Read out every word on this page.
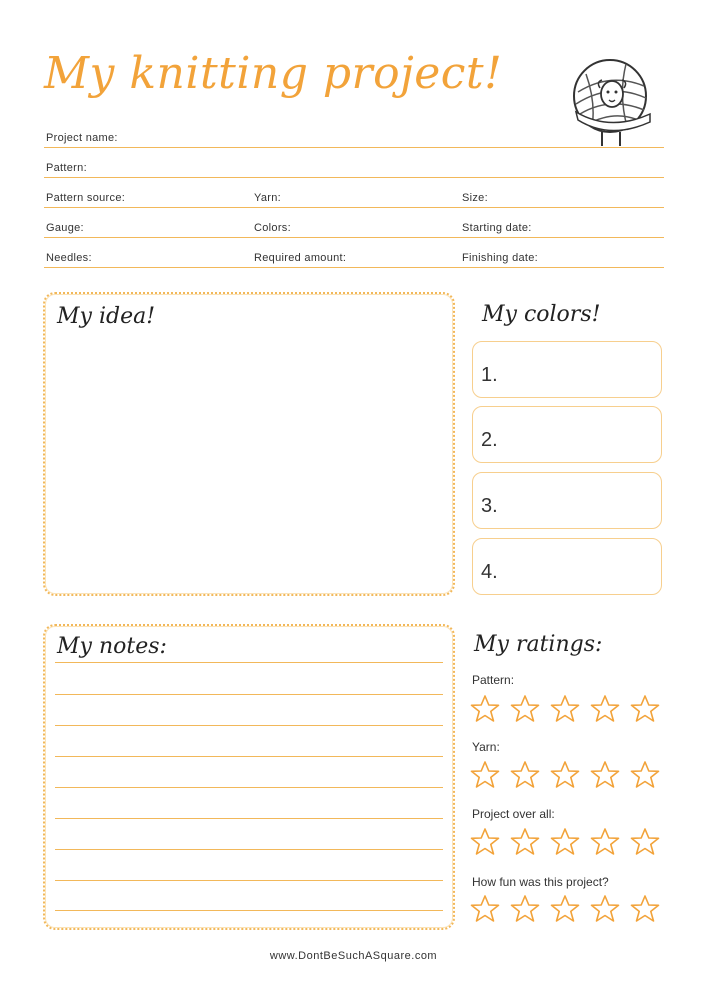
My knitting project!
Project name:
Pattern:
Pattern source:	Yarn:	Size:
Gauge:	Colors:	Starting date:
Needles:	Required amount:	Finishing date:
My idea!
My notes:
My colors!
1.
2.
3.
4.
My ratings:
Pattern:
Yarn:
Project over all:
How fun was this project?
www.DontBeSuchASquare.com
